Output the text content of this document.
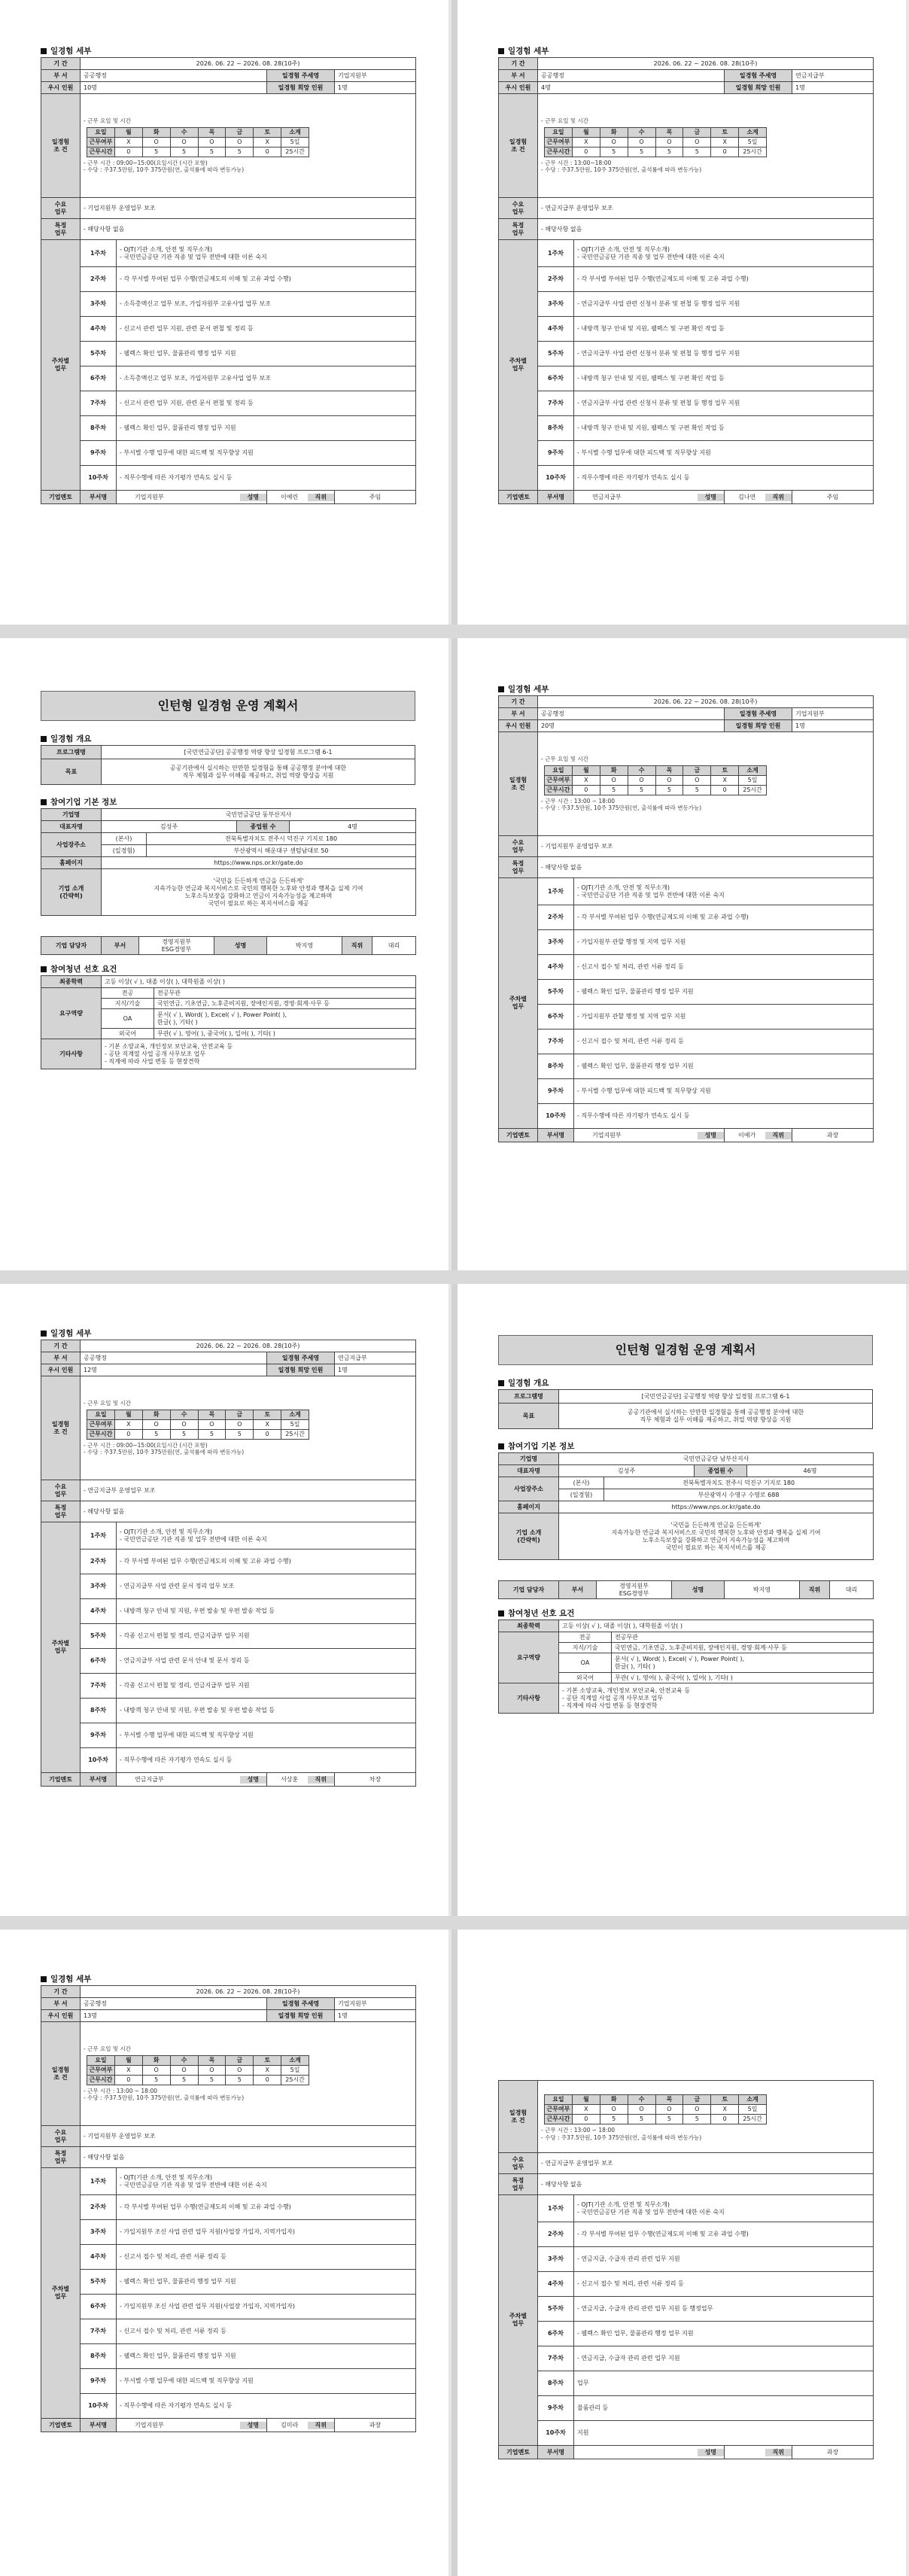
일경험 세부
기 간	2026. 06. 22 ~ 2026. 08. 28(10주)
부 서	공공행정	일경험 주세영	기업지원부
우시 인원	10명	일경험 희망 인원	1명
일경험
조 건	
- 근무 요일 및 시간
요일	월	화	수	목	금	토	소계
근무여부	X	O	O	O	O	X	5일
근무시간	0	5	5	5	5	0	25시간
- 근무 시간 : 09:00~15:00(요일시간 (시간 포함)
- 수당 : 주37.5만원, 10주 375만원(연, 출석률에 따라 변동가능)

수요
업무	- 기업지원부 운영업무 보조
특정
업무	- 해당사항 없음
주차별
업무	1주차	- OJT(기관 소개, 안전 및 직무소개)
- 국민연금공단 기관 직종 및 업무 전반에 대한 이론 숙지
2주차	- 각 부서별 부여된 업무 수행(연금제도의 이해 및 고유 과업 수행)
3주차	- 소득총액신고 업무 보조, 가입자원부 고유사업 업무 보조
4주차	- 신고서 관련 업무 지원, 관련 문서 편철 및 정리 등
5주차	- 웰렉스 확인 업무, 물품관리 행정 업무 지원
6주차	- 소득총액신고 업무 보조, 가입자원부 고유사업 업무 보조
7주차	- 신고서 관련 업무 지원, 관련 문서 편철 및 정리 등
8주차	- 웰렉스 확인 업무, 물품관리 행정 업무 지원
9주차	- 부서별 수행 업무에 대한 피드백 및 직무향상 지원
10주차	- 직무수행에 따른 자기평가 연속도 실시 등
기업멘토	부서명	기업지원부	성명	이예린	직위	주임
일경험 세부
기 간	2026. 06. 22 ~ 2026. 08. 28(10주)
부 서	공공행정	일경험 주세영	연금지급부
우시 인원	4명	일경험 희망 인원	1명
일경험
조 건	
- 근무 요일 및 시간
요일	월	화	수	목	금	토	소계
근무여부	X	O	O	O	O	X	5일
근무시간	0	5	5	5	5	0	25시간
- 근무 시간 : 13:00~18:00
- 수당 : 주37.5만원, 10주 375만원(연, 출석률에 따라 변동가능)

수요
업무	- 연금지급부 운영업무 보조
특정
업무	- 해당사항 없음
주차별
업무	1주차	- OJT(기관 소개, 안전 및 직무소개)
- 국민연금공단 기관 직종 및 업무 전반에 대한 이론 숙지
2주차	- 각 부서별 부여된 업무 수행(연금제도의 이해 및 고유 과업 수행)
3주차	- 연금지급부 사업 관련 신청서 분류 및 편철 등 행정 업무 지원
4주차	- 내방객 청구 안내 및 지원, 웰렉스 및 구편 확인 작업 등
5주차	- 연금지급부 사업 관련 신청서 분류 및 편철 등 행정 업무 지원
6주차	- 내방객 청구 안내 및 지원, 웰렉스 및 구편 확인 작업 등
7주차	- 연금지급부 사업 관련 신청서 분류 및 편철 등 행정 업무 지원
8주차	- 내방객 청구 안내 및 지원, 웰렉스 및 구편 확인 작업 등
9주차	- 부서별 수행 업무에 대한 피드백 및 직무향상 지원
10주차	- 직무수행에 따른 자기평가 연속도 실시 등
기업멘토	부서명	연금지급부	성명	김나연	직위	주임
인턴형 일경험 운영 계획서
일경험 개요
프로그램명	[국민연금공단] 공공행정 역량 향상 일경험 프로그램 6-1
목표	공공기관에서 실시하는 안만한 일경험을 통해 공공행정 분야에 대한
직무 체험과 실무 이해를 제공하고, 취업 역량 향상을 지원
참여기업 기본 정보
기업명	국민연금공단 동부산지사			
대표자명	김성주		종업원 수	4명
사업장주소	(본사)	전북특별자치도 전주시 덕진구 기지로 180		
	(일경험)	부산광역시 해운대구 센텀남대로 50		
홈페이지	https://www.nps.or.kr/gate.do			
기업 소개
(간략히)	'국민을 든든하게 연금을 든든하게'
지속가능한 연금과 복지서비스로 국민의 행복한 노후와 안정과 행복을 실제 기여
노후소득보장을 강화하고 연금이 지속가능성을 제고하며
국민이 필요로 하는 복지서비스를 제공			
기업 담당자	부서	경영지원부
ESG경영부	성명	박지영	직위	대리
참여청년 선호 요건
최종학력	고등 이상( √ ), 대졸 이상( ), 대학원졸 이상( )	
요구역량	전공	전공무관
	지식/기술	국민연금, 기초연금, 노후준비지원, 장애인지원, 경영·회계·사무 등
	OA	문서( √ ), Word( ), Excel( √ ), Power Point( ),
한글( ), 기타( )
	외국어	무관( √ ), 영어( ), 중국어( ), 일어( ), 기타( )
기타사항	- 기본 소양교육, 개인정보 보안교육, 안전교육 등
- 공단 직계열 사업 공개 사무보조 업무
- 직계에 따라 사업 변동 등 현장견학	
일경험 세부
기 간	2026. 06. 22 ~ 2026. 08. 28(10주)
부 서	공공행정	일경험 주세영	기업지원부
우시 인원	20명	일경험 희망 인원	1명
일경험
조 건	
- 근무 요일 및 시간
요일	월	화	수	목	금	토	소계
근무여부	X	O	O	O	O	X	5일
근무시간	0	5	5	5	5	0	25시간
- 근무 시간 : 13:00 ~ 18:00
- 수당 : 주37.5만원, 10주 375만원(연, 출석률에 따라 변동가능)

수요
업무	- 기업지원부 운영업무 보조
특정
업무	- 해당사항 없음
주차별
업무	1주차	- OJT(기관 소개, 안전 및 직무소개)
- 국민연금공단 기관 직종 및 업무 전반에 대한 이론 숙지
2주차	- 각 부서별 부여된 업무 수행(연금제도의 이해 및 고유 과업 수행)
3주차	- 가입지원부 관할 행정 및 지역 업무 지원
4주차	- 신고서 접수 및 처리, 관련 서류 정리 등
5주차	- 웰렉스 확인 업무, 물품관리 행정 업무 지원
6주차	- 가입지원부 관할 행정 및 지역 업무 지원
7주차	- 신고서 접수 및 처리, 관련 서류 정리 등
8주차	- 웰렉스 확인 업무, 물품관리 행정 업무 지원
9주차	- 부서별 수행 업무에 대한 피드백 및 직무향상 지원
10주차	- 직무수행에 따른 자기평가 연속도 실시 등
기업멘토	부서명	기업지원부	성명	이예가	직위	과장
일경험 세부
기 간	2026. 06. 22 ~ 2026. 08. 28(10주)
부 서	공공행정	일경험 주세영	연금지급부
우시 인원	12명	일경험 희망 인원	1명
일경험
조 건	
- 근무 요일 및 시간
요일	월	화	수	목	금	토	소계
근무여부	X	O	O	O	O	X	5일
근무시간	0	5	5	5	5	0	25시간
- 근무 시간 : 09:00~15:00(요일시간 (시간 포함)
- 수당 : 주37.5만원, 10주 375만원(연, 출석률에 따라 변동가능)

수요
업무	- 연금지급부 운영업무 보조
특정
업무	- 해당사항 없음
주차별
업무	1주차	- OJT(기관 소개, 안전 및 직무소개)
- 국민연금공단 기관 직종 및 업무 전반에 대한 이론 숙지
2주차	- 각 부서별 부여된 업무 수행(연금제도의 이해 및 고유 과업 수행)
3주차	- 연금지급부 사업 관련 문서 정리 업무 보조
4주차	- 내방객 청구 안내 및 지원, 우편 발송 및 우편 발송 작업 등
5주차	- 각종 신고서 편철 및 정리, 연금지급부 업무 지원
6주차	- 연금지급부 사업 관련 문서 안내 및 문서 정리 등
7주차	- 각종 신고서 편철 및 정리, 연금지급부 업무 지원
8주차	- 내방객 청구 안내 및 지원, 우편 발송 및 우편 발송 작업 등
9주차	- 부서별 수행 업무에 대한 피드백 및 직무향상 지원
10주차	- 직무수행에 따른 자기평가 연속도 실시 등
기업멘토	부서명	연금지급부	성명	서상훈	직위	차장
인턴형 일경험 운영 계획서
일경험 개요
프로그램명	[국민연금공단] 공공행정 역량 향상 일경험 프로그램 6-1
목표	공공기관에서 실시하는 안만한 일경험을 통해 공공행정 분야에 대한
직무 체험과 실무 이해를 제공하고, 취업 역량 향상을 지원
참여기업 기본 정보
기업명	국민연금공단 남부산지사			
대표자명	김성주		종업원 수	46명
사업장주소	(본사)	전북특별자치도 전주시 덕진구 기지로 180		
	(일경험)	부산광역시 수영구 수영로 688		
홈페이지	https://www.nps.or.kr/gate.do			
기업 소개
(간략히)	'국민을 든든하게 연금을 든든하게'
지속가능한 연금과 복지서비스로 국민의 행복한 노후와 안정과 행복을 실제 기여
노후소득보장을 강화하고 연금이 지속가능성을 제고하며
국민이 필요로 하는 복지서비스를 제공			
기업 담당자	부서	경영지원부
ESG경영부	성명	박지영	직위	대리
참여청년 선호 요건
최종학력	고등 이상( √ ), 대졸 이상( ), 대학원졸 이상( )	
요구역량	전공	전공무관
	지식/기술	국민연금, 기초연금, 노후준비지원, 장애인지원, 경영·회계·사무 등
	OA	문서( √ ), Word( ), Excel( √ ), Power Point( ),
한글( ), 기타( )
	외국어	무관( √ ), 영어( ), 중국어( ), 일어( ), 기타( )
기타사항	- 기본 소양교육, 개인정보 보안교육, 안전교육 등
- 공단 직계열 사업 공개 사무보조 업무
- 직계에 따라 사업 변동 등 현장견학	
일경험 세부
기 간	2026. 06. 22 ~ 2026. 08. 28(10주)
부 서	공공행정	일경험 주세영	기업지원부
우시 인원	13명	일경험 희망 인원	1명
일경험
조 건	
- 근무 요일 및 시간
요일	월	화	수	목	금	토	소계
근무여부	X	O	O	O	O	X	5일
근무시간	0	5	5	5	5	0	25시간
- 근무 시간 : 13:00 ~ 18:00
- 수당 : 주37.5만원, 10주 375만원(연, 출석률에 따라 변동가능)

수요
업무	- 기업지원부 운영업무 보조
특정
업무	- 해당사항 없음
주차별
업무	1주차	- OJT(기관 소개, 안전 및 직무소개)
- 국민연금공단 기관 직종 및 업무 전반에 대한 이론 숙지
2주차	- 각 부서별 부여된 업무 수행(연금제도의 이해 및 고유 과업 수행)
3주차	- 가입지원부 조신 사업 관련 업무 지원(사업장 가입자, 지역가입자)
4주차	- 신고서 접수 및 처리, 관련 서류 정리 등
5주차	- 웰렉스 확인 업무, 물품관리 행정 업무 지원
6주차	- 가입지원부 조신 사업 관련 업무 지원(사업장 가입자, 지역가입자)
7주차	- 신고서 접수 및 처리, 관련 서류 정리 등
8주차	- 웰렉스 확인 업무, 물품관리 행정 업무 지원
9주차	- 부서별 수행 업무에 대한 피드백 및 직무향상 지원
10주차	- 직무수행에 따른 자기평가 연속도 실시 등
기업멘토	부서명	기업지원부	성명	김미라	직위	과장
일경험
조 건	
요일	월	화	수	목	금	토	소계
근무여부	X	O	O	O	O	X	5일
근무시간	0	5	5	5	5	0	25시간
- 근무 시간 : 13:00 ~ 18:00
- 수당 : 주37.5만원, 10주 375만원(연, 출석률에 따라 변동가능)

수요
업무	- 연금지급부 운영업무 보조
특정
업무	- 해당사항 없음
주차별
업무	1주차	- OJT(기관 소개, 안전 및 직무소개)
- 국민연금공단 기관 직종 및 업무 전반에 대한 이론 숙지
2주차	- 각 부서별 부여된 업무 수행(연금제도의 이해 및 고유 과업 수행)
3주차	- 연금지급, 수급자 관리 관련 업무 지원
4주차	- 신고서 접수 및 처리, 관련 서류 정리 등
5주차	- 연금지급, 수급자 관리 관련 업무 지원 등 행정업무
6주차	- 웰렉스 확인 업무, 물품관리 행정 업무 지원
7주차	- 연금지급, 수급자 관리 관련 업무 지원
8주차	업무
9주차	물품관리 등
10주차	지원
기업멘토	부서명	성명	직위	과장
